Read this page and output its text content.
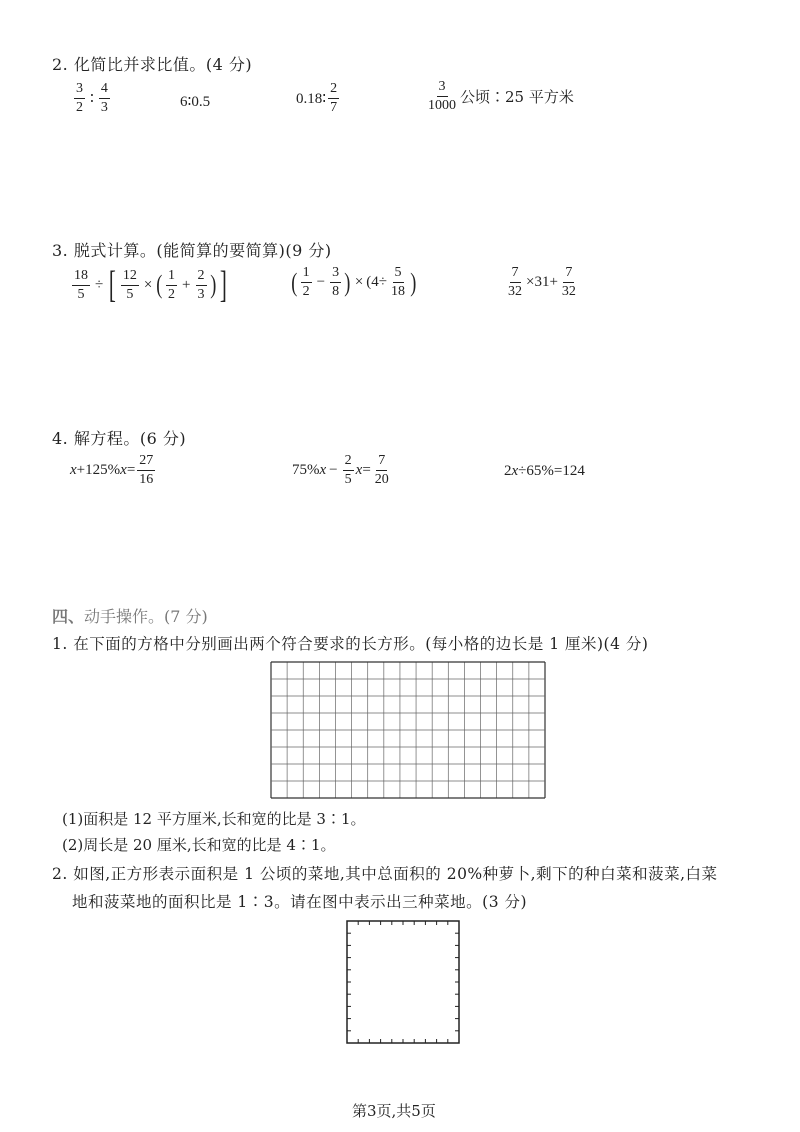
2. 化简比并求比值。(4 分)
$\frac{3}{2}$ ∶ $\frac{4}{3}$	6∶0.5	0.18∶ $\frac{2}{7}$	$\frac{3}{1000}$ 公顷∶25 平方米
3. 脱式计算。(能简算的要简算)(9 分)
$\frac{18}{5}$ ÷ [ $\frac{12}{5}$ × ( $\frac{1}{2} + \frac{2}{3}$ ) ] ( $\frac{1}{2} - \frac{3}{8}$ ) × ($4\div \frac{5}{18}$ )	$\frac{7}{32} \times 31+ \frac{7}{32}$
4. 解方程。(6 分)
x +125% $x = \frac{27}{16}$	75% $x - \frac{2}{5}$ $x = \frac{7}{20}$	2 x ÷65%=124
四、动手操作。(7 分)
1. 在下面的方格中分别画出两个符合要求的长方形。(每小格的边长是 1 厘米)(4 分)
(1)面积是 12 平方厘米,长和宽的比是 3∶1。
(2)周长是 20 厘米,长和宽的比是 4∶1。
2. 如图,正方形表示面积是 1 公顷的菜地,其中总面积的 20%种萝卜,剩下的种白菜和菠菜,白菜
地和菠菜地的面积比是 1∶3。请在图中表示出三种菜地。(3 分)
第3页,共5页
